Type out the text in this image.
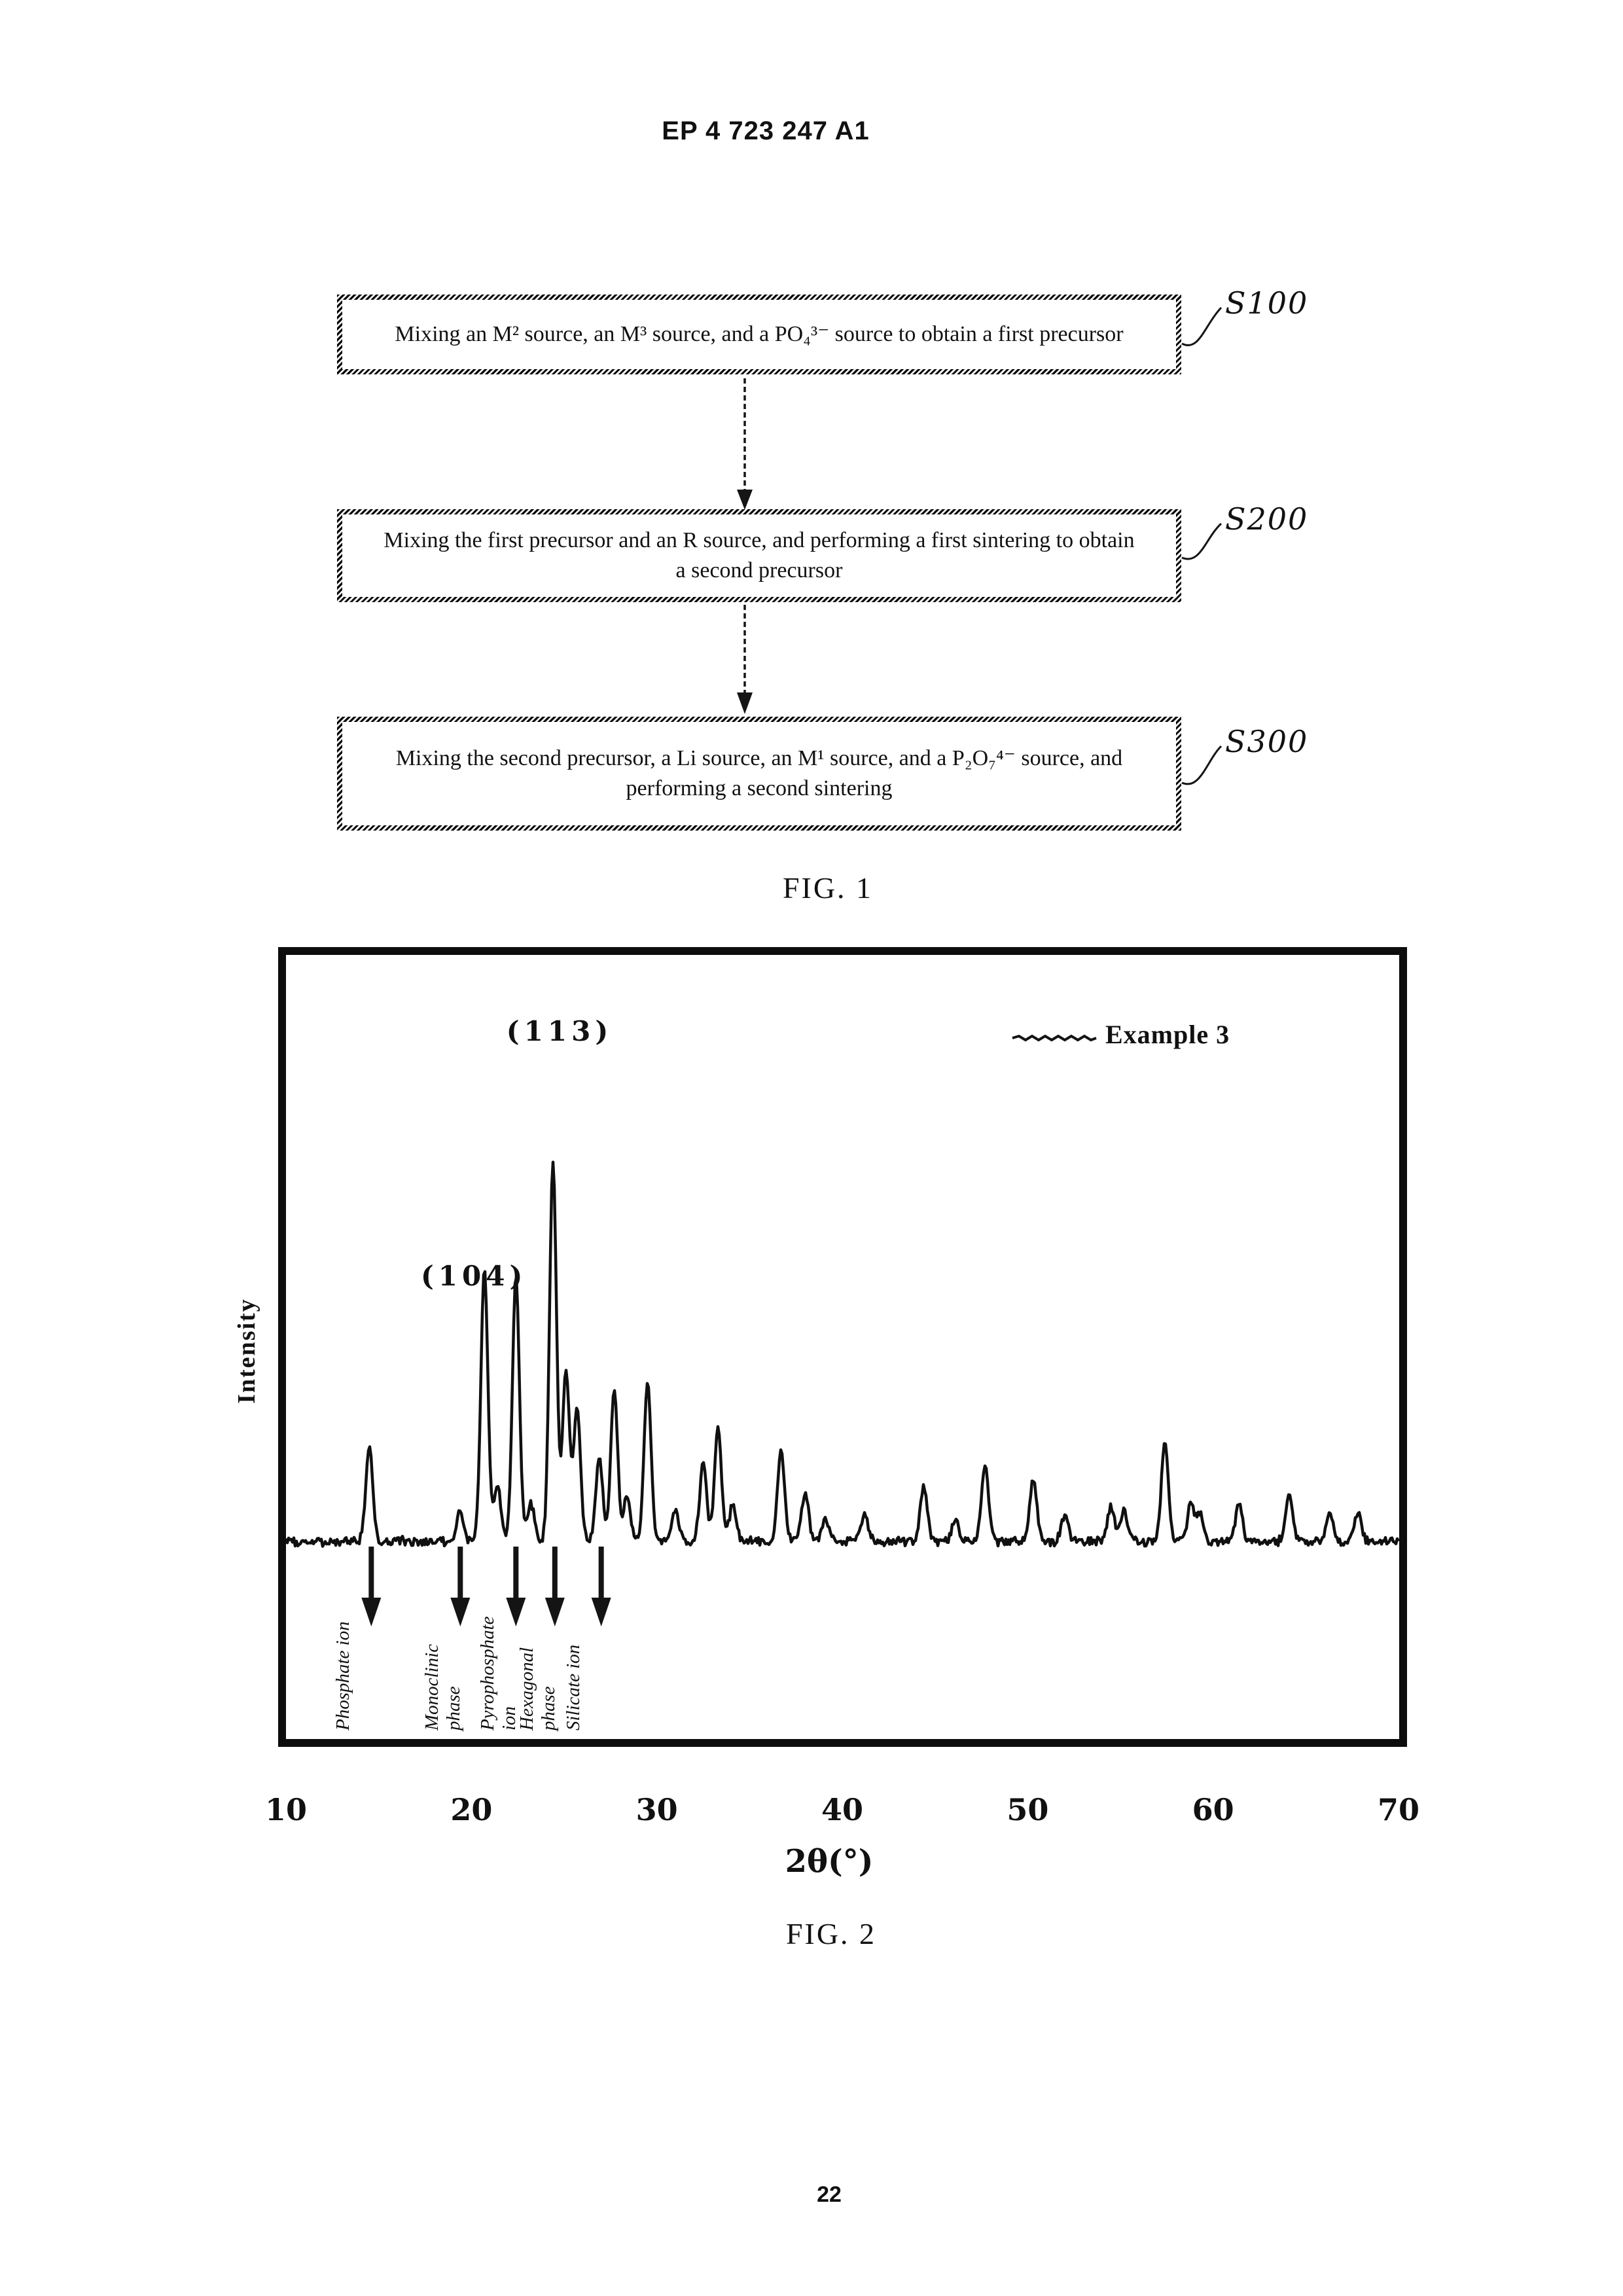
EP 4 723 247 A1
Mixing an M² source, an M³ source, and a PO₄³⁻ source to obtain a first precursor
Mixing the first precursor and an R source, and performing a first sintering to obtain a second precursor
Mixing the second precursor, a Li source, an M¹ source, and a P₂O₇⁴⁻ source, and performing a second sintering
S100
S200
S300
FIG. 1
(113)
(104)
Example 3
Phosphate ion	Monoclinic phase Pyrophosphate ion
Hexagonal phase Silicate ion
Intensity
10	20	30	40	50	60	70
2θ(°)
FIG. 2
22
